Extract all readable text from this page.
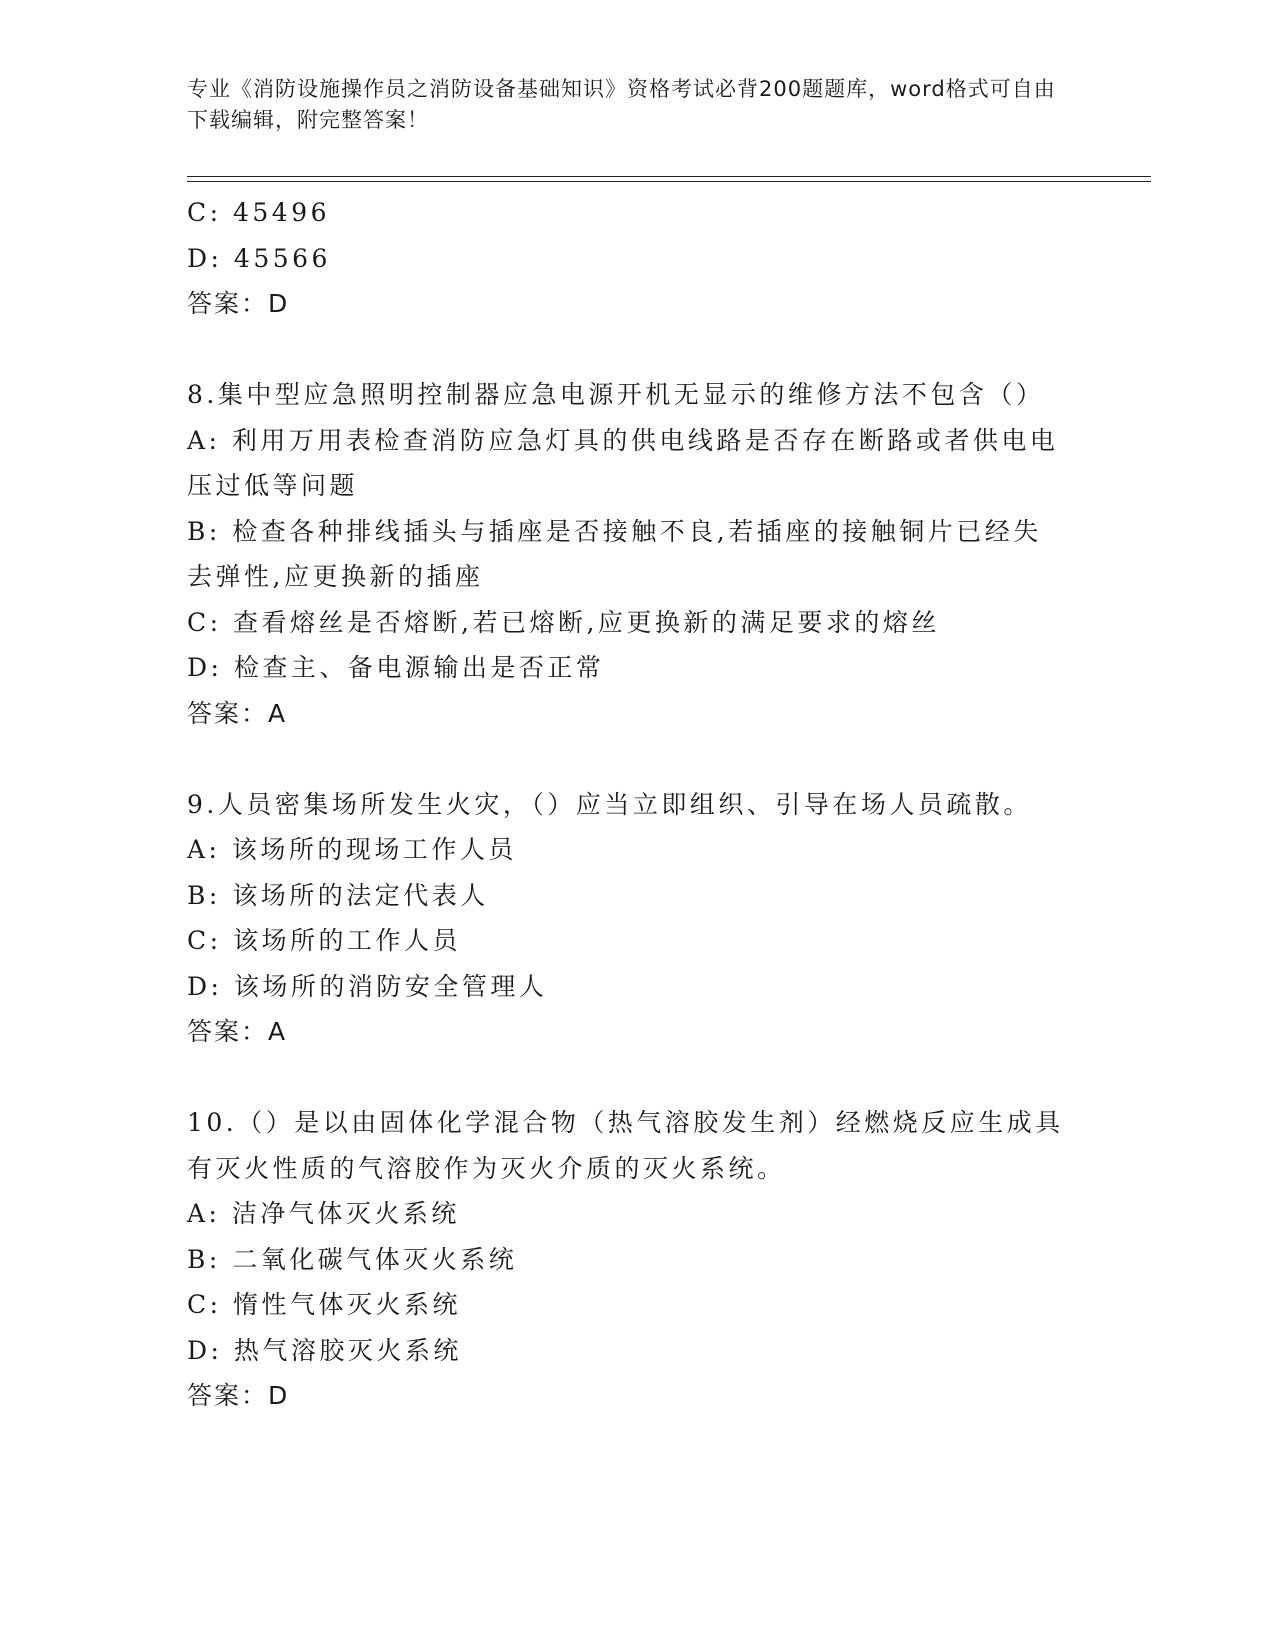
专业《消防设施操作员之消防设备基础知识》资格考试必背200题题库，word格式可自由下载编辑，附完整答案！

C: 45496

D: 45566

答案：D

8.集中型应急照明控制器应急电源开机无显示的维修方法不包含（）

A: 利用万用表检查消防应急灯具的供电线路是否存在断路或者供电电压过低等问题

B: 检查各种排线插头与插座是否接触不良,若插座的接触铜片已经失去弹性,应更换新的插座

C: 查看熔丝是否熔断,若已熔断,应更换新的满足要求的熔丝

D: 检查主、备电源输出是否正常

答案：A

9.人员密集场所发生火灾，（）应当立即组织、引导在场人员疏散。

A: 该场所的现场工作人员

B: 该场所的法定代表人

C: 该场所的工作人员

D: 该场所的消防安全管理人

答案：A

10.（）是以由固体化学混合物（热气溶胶发生剂）经燃烧反应生成具有灭火性质的气溶胶作为灭火介质的灭火系统。

A: 洁净气体灭火系统

B: 二氧化碳气体灭火系统

C: 惰性气体灭火系统

D: 热气溶胶灭火系统

答案：D
